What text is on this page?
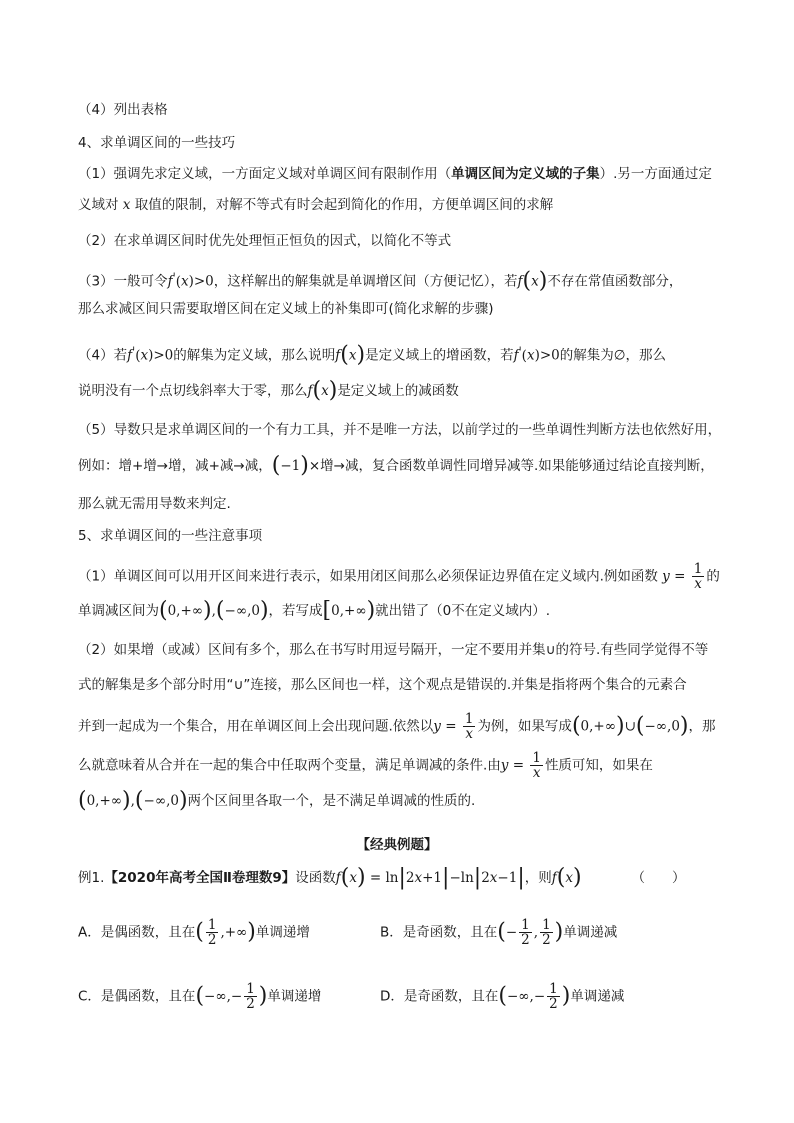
（4）列出表格
4、求单调区间的一些技巧
（1）强调先求定义域，一方面定义域对单调区间有限制作用（单调区间为定义域的子集）.另一方面通过定
义域对 x 取值的限制，对解不等式有时会起到简化的作用，方便单调区间的求解
（2）在求单调区间时优先处理恒正恒负的因式，以简化不等式
（3）一般可令f'(x)>0，这样解出的解集就是单调增区间（方便记忆），若f(x)不存在常值函数部分，
那么求减区间只需要取增区间在定义域上的补集即可(简化求解的步骤)
（4）若f'(x)>0的解集为定义域，那么说明f(x)是定义域上的增函数，若f'(x)>0的解集为∅，那么
说明没有一个点切线斜率大于零，那么f(x)是定义域上的减函数
（5）导数只是求单调区间的一个有力工具，并不是唯一方法，以前学过的一些单调性判断方法也依然好用，
例如：增+增→增，减+减→减，(−1)×增→减，复合函数单调性同增异减等.如果能够通过结论直接判断，
那么就无需用导数来判定.
5、求单调区间的一些注意事项
（1）单调区间可以用开区间来进行表示，如果用闭区间那么必须保证边界值在定义域内.例如函数 $y = \frac{1}{x}$ 的
单调减区间为(0,+∞),(−∞,0)，若写成[0,+∞)就出错了（0不在定义域内）.
（2）如果增（或减）区间有多个，那么在书写时用逗号隔开，一定不要用并集∪的符号.有些同学觉得不等
式的解集是多个部分时用“∪”连接，那么区间也一样，这个观点是错误的.并集是指将两个集合的元素合
并到一起成为一个集合，用在单调区间上会出现问题.依然以$y = \frac{1}{x}$ 为例，如果写成(0,+∞)∪(−∞,0)，那
么就意味着从合并在一起的集合中任取两个变量，满足单调减的条件.由$y = \frac{1}{x}$ 性质可知，如果在
(0,+∞),(−∞,0)两个区间里各取一个，是不满足单调减的性质的.
【经典例题】
例1.【2020年高考全国Ⅱ卷理数9】设函数f(x) = ln|2x+1|−ln|2x−1|，则f(x)	（　　）
A．是偶函数，且在( $\frac{1}{2}$ ,+∞)单调递增	B．是奇函数，且在(− $\frac{1}{2}$ , $\frac{1}{2}$ )单调递减
C．是偶函数，且在(−∞,− $\frac{1}{2}$ )单调递增	D．是奇函数，且在(−∞,− $\frac{1}{2}$ )单调递减
